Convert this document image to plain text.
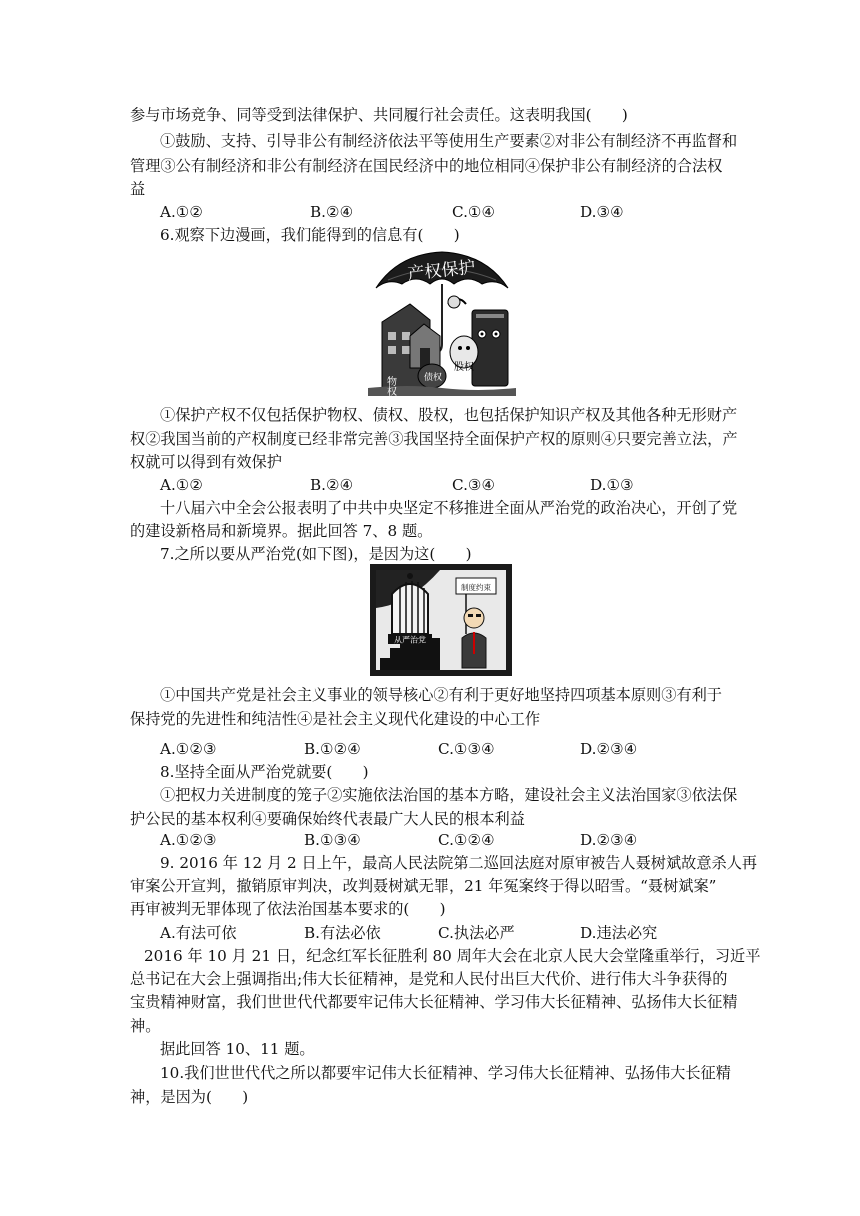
参与市场竞争、同等受到法律保护、共同履行社会责任。这表明我国(　　)
①鼓励、支持、引导非公有制经济依法平等使用生产要素②对非公有制经济不再监督和
管理③公有制经济和非公有制经济在国民经济中的地位相同④保护非公有制经济的合法权
益
A.①②	B.②④	C.①④	D.③④
6.观察下边漫画，我们能得到的信息有(　　)
产权保护
物权	债权
股权
①保护产权不仅包括保护物权、债权、股权，也包括保护知识产权及其他各种无形财产
权②我国当前的产权制度已经非常完善③我国坚持全面保护产权的原则④只要完善立法，产
权就可以得到有效保护
A.①②	B.②④	C.③④	D.①③
十八届六中全会公报表明了中共中央坚定不移推进全面从严治党的政治决心，开创了党
的建设新格局和新境界。据此回答 7、8 题。
7.之所以要从严治党(如下图)，是因为这(　　)
从严治党
制度约束
①中国共产党是社会主义事业的领导核心②有利于更好地坚持四项基本原则③有利于
保持党的先进性和纯洁性④是社会主义现代化建设的中心工作
A.①②③	B.①②④	C.①③④	D.②③④
8.坚持全面从严治党就要(　　)
①把权力关进制度的笼子②实施依法治国的基本方略，建设社会主义法治国家③依法保
护公民的基本权利④要确保始终代表最广大人民的根本利益
A.①②③	B.①③④	C.①②④	D.②③④
9. 2016 年 12 月 2 日上午，最高人民法院第二巡回法庭对原审被告人聂树斌故意杀人再
审案公开宣判，撤销原审判决，改判聂树斌无罪，21 年冤案终于得以昭雪。“聂树斌案”
再审被判无罪体现了依法治国基本要求的(　　)
A.有法可依	B.有法必依	C.执法必严	D.违法必究
2016 年 10 月 21 日，纪念红军长征胜利 80 周年大会在北京人民大会堂隆重举行，习近平
总书记在大会上强调指出;伟大长征精神，是党和人民付出巨大代价、进行伟大斗争获得的
宝贵精神财富，我们世世代代都要牢记伟大长征精神、学习伟大长征精神、弘扬伟大长征精
神。
据此回答 10、11 题。
10.我们世世代代之所以都要牢记伟大长征精神、学习伟大长征精神、弘扬伟大长征精
神，是因为(　　)
